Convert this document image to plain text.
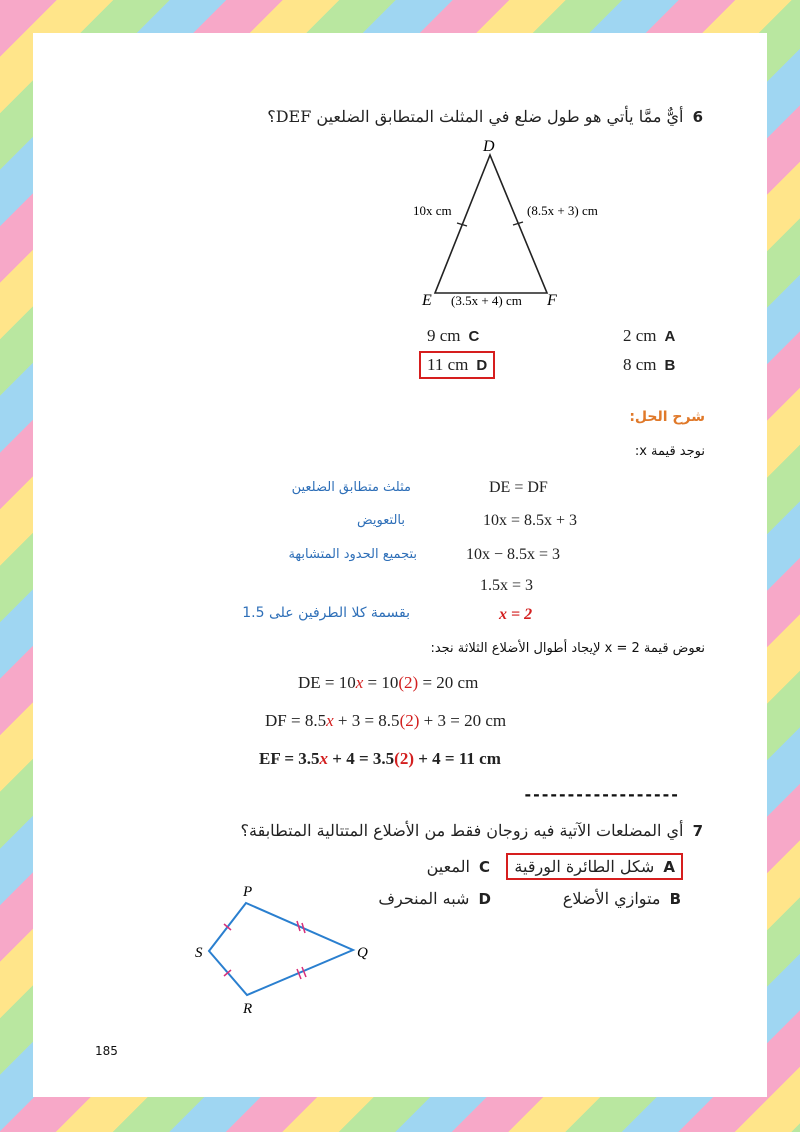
6 أيٌّ ممَّا يأتي هو طول ضلع في المثلث المتطابق الضلعين DEF؟
D
E	F
10x cm	(8.5x + 3) cm
(3.5x + 4) cm
2 cm A
8 cm B
9 cm C
11 cm D
شرح الحل:
نوجد قيمة x:
DE = DF
مثلث متطابق الضلعين
10x = 8.5x + 3
بالتعويض
10x − 8.5x = 3
بتجميع الحدود المتشابهة
1.5x = 3
x = 2
بقسمة كلا الطرفين على 1.5
نعوض قيمة x = 2 لإيجاد أطوال الأضلاع الثلاثة نجد:
DE = 10x = 10(2) = 20 cm
DF = 8.5x + 3 = 8.5(2) + 3 = 20 cm
EF = 3.5x + 4 = 3.5(2) + 4 = 11 cm
------------------
7 أي المضلعات الآتية فيه زوجان فقط من الأضلاع المتتالية المتطابقة؟
A شكل الطائرة الورقية
B متوازي الأضلاع
C المعين
D شبه المنحرف
P
Q
R
S
185
